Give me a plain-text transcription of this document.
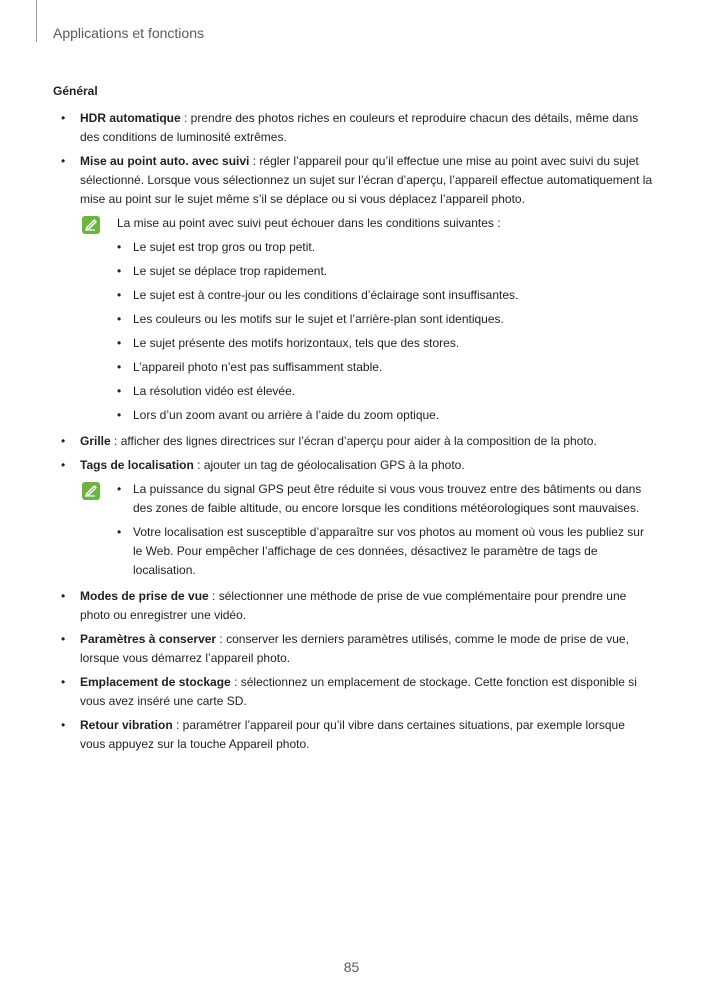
Applications et fonctions
Général
• HDR automatique : prendre des photos riches en couleurs et reproduire chacun des détails, même dans des conditions de luminosité extrêmes.
• Mise au point auto. avec suivi : régler l’appareil pour qu’il effectue une mise au point avec suivi du sujet sélectionné. Lorsque vous sélectionnez un sujet sur l’écran d’aperçu, l’appareil effectue automatiquement la mise au point sur le sujet même s’il se déplace ou si vous déplacez l’appareil photo.
La mise au point avec suivi peut échouer dans les conditions suivantes :
• Le sujet est trop gros ou trop petit.
• Le sujet se déplace trop rapidement.
• Le sujet est à contre-jour ou les conditions d’éclairage sont insuffisantes.
• Les couleurs ou les motifs sur le sujet et l’arrière-plan sont identiques.
• Le sujet présente des motifs horizontaux, tels que des stores.
• L’appareil photo n’est pas suffisamment stable.
• La résolution vidéo est élevée.
• Lors d’un zoom avant ou arrière à l’aide du zoom optique.
• Grille : afficher des lignes directrices sur l’écran d’aperçu pour aider à la composition de la photo.
• Tags de localisation : ajouter un tag de géolocalisation GPS à la photo.
• La puissance du signal GPS peut être réduite si vous vous trouvez entre des bâtiments ou dans des zones de faible altitude, ou encore lorsque les conditions météorologiques sont mauvaises.
• Votre localisation est susceptible d’apparaître sur vos photos au moment où vous les publiez sur le Web. Pour empêcher l’affichage de ces données, désactivez le paramètre de tags de localisation.
• Modes de prise de vue : sélectionner une méthode de prise de vue complémentaire pour prendre une photo ou enregistrer une vidéo.
• Paramètres à conserver : conserver les derniers paramètres utilisés, comme le mode de prise de vue, lorsque vous démarrez l’appareil photo.
• Emplacement de stockage : sélectionnez un emplacement de stockage. Cette fonction est disponible si vous avez inséré une carte SD.
• Retour vibration : paramétrer l’appareil pour qu’il vibre dans certaines situations, par exemple lorsque vous appuyez sur la touche Appareil photo.
85
